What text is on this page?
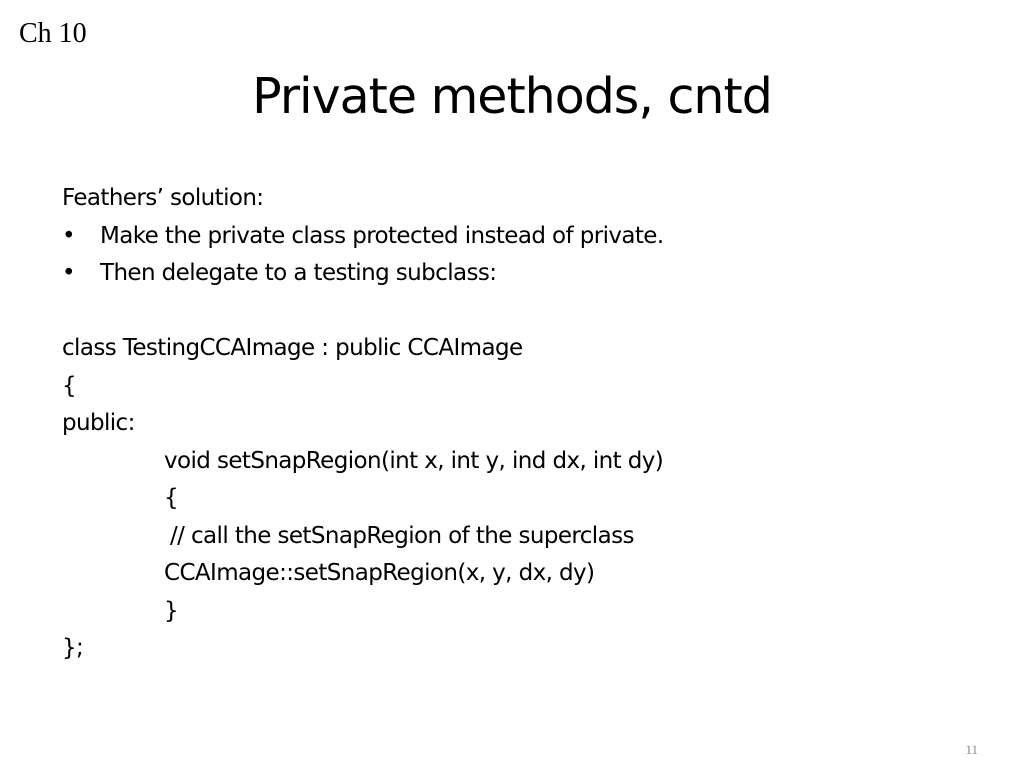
Ch 10
Private methods, cntd
Feathers’ solution:
• Make the private class protected instead of private.
• Then delegate to a testing subclass:
class TestingCCAImage : public CCAImage
{
public:
void setSnapRegion(int x, int y, ind dx, int dy)
{
// call the setSnapRegion of the superclass
CCAImage::setSnapRegion(x, y, dx, dy)
}
};
11
